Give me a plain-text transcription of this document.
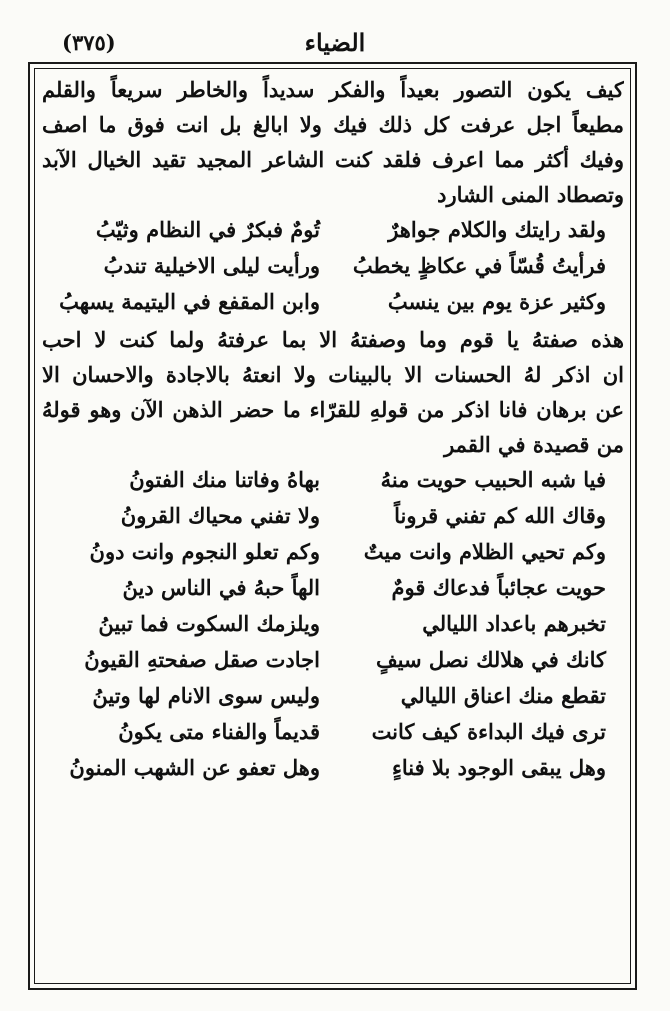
(٣٧٥)	الضياء
كيف يكون التصور بعيداً والفكر سديداً والخاطر سريعاً والقلم
مطيعاً اجل عرفت كل ذلك فيك ولا ابالغ بل انت فوق ما اصف
وفيك أكثر مما اعرف فلقد كنت الشاعر المجيد تقيد الخيال الآبد
وتصطاد المنى الشارد
ولقد رايتك والكلام جواهرٌ
تُومٌ فبكرٌ في النظام وثيّبُ
فرأيتُ قُسّاً في عكاظٍ يخطبُ
ورأيت ليلى الاخيلية تندبُ
وكثير عزة يوم بين ينسبُ
وابن المقفع في اليتيمة يسهبُ
هذه صفتهُ يا قوم وما وصفتهُ الا بما عرفتهُ ولما كنت لا احب
ان اذكر لهُ الحسنات الا بالبينات ولا انعتهُ بالاجادة والاحسان الا
عن برهان فانا اذكر من قولهِ للقرّاء ما حضر الذهن الآن وهو قولهُ
من قصيدة في القمر
فيا شبه الحبيب حويت منهُ
بهاهُ وفاتنا منك الفتونُ
وقاك الله كم تفني قروناً
ولا تفني محياك القرونُ
وكم تحيي الظلام وانت ميتٌ
وكم تعلو النجوم وانت دونُ
حويت عجائباً فدعاك قومٌ
الهاً حبهُ في الناس دينُ
تخبرهم باعداد الليالي
ويلزمك السكوت فما تبينُ
كانك في هلالك نصل سيفٍ
اجادت صقل صفحتهِ القيونُ
تقطع منك اعناق الليالي
وليس سوى الانام لها وتينُ
ترى فيك البداءة كيف كانت
قديماً والفناء متى يكونُ
وهل يبقى الوجود بلا فناءٍ
وهل تعفو عن الشهب المنونُ
